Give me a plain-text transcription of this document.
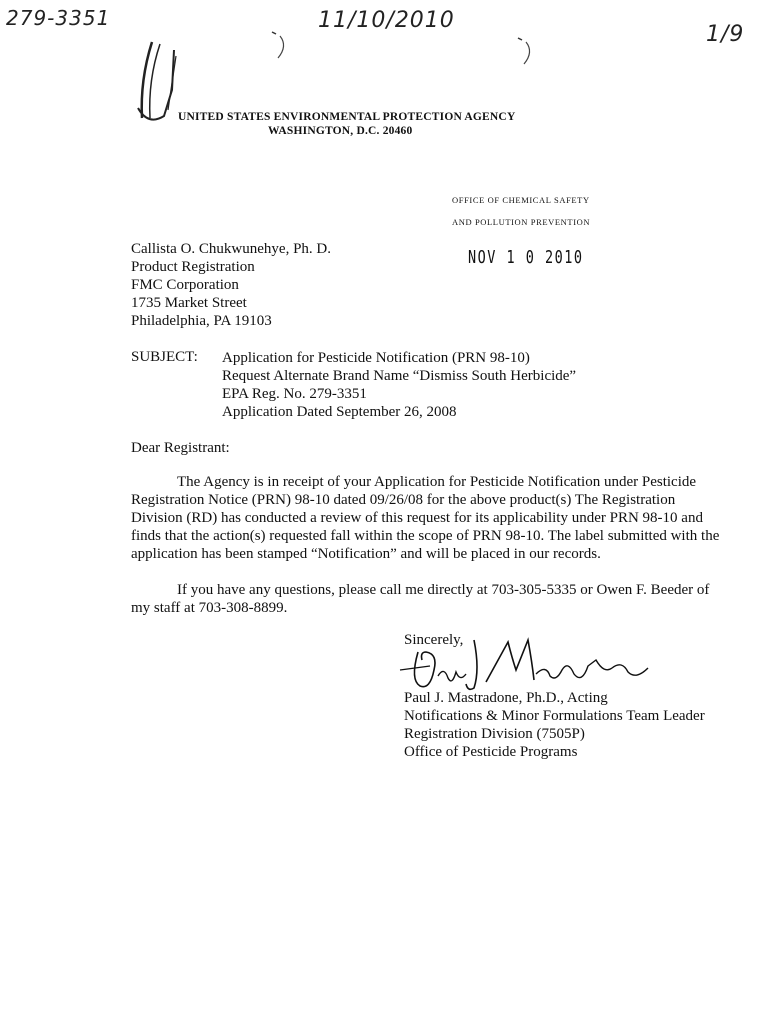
279-3351	11/10/2010
1/9
UNITED STATES ENVIRONMENTAL PROTECTION AGENCY
WASHINGTON, D.C. 20460
OFFICE OF CHEMICAL SAFETY
AND POLLUTION PREVENTION
NOV 1 0 2010
Callista O. Chukwunehye, Ph. D.
Product Registration
FMC Corporation
1735 Market Street
Philadelphia, PA 19103
SUBJECT: Application for Pesticide Notification (PRN 98-10)
Request Alternate Brand Name “Dismiss South Herbicide”
EPA Reg. No. 279-3351
Application Dated September 26, 2008
Dear Registrant:
The Agency is in receipt of your Application for Pesticide Notification under Pesticide
Registration Notice (PRN) 98-10 dated 09/26/08 for the above product(s) The Registration
Division (RD) has conducted a review of this request for its applicability under PRN 98-10 and
finds that the action(s) requested fall within the scope of PRN 98-10. The label submitted with the
application has been stamped “Notification” and will be placed in our records.
If you have any questions, please call me directly at 703-305-5335 or Owen F. Beeder of
my staff at 703-308-8899.
Sincerely,
Paul J. Mastradone, Ph.D., Acting
Notifications & Minor Formulations Team Leader
Registration Division (7505P)
Office of Pesticide Programs
